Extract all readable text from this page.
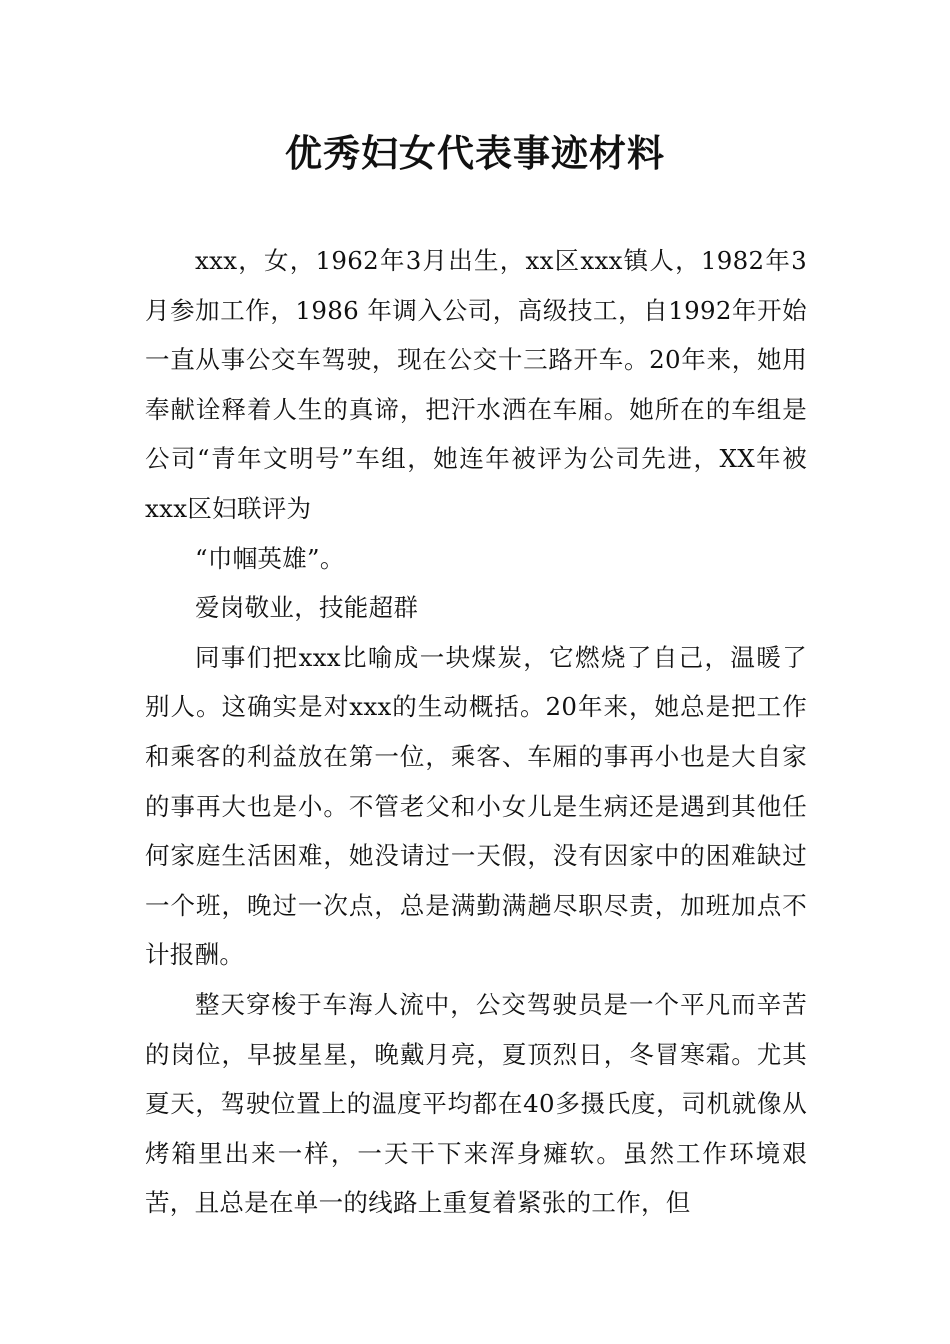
优秀妇女代表事迹材料

xxx，女，1962年3月出生，xx区xxx镇人，1982年3月参加工作，1986 年调入公司，高级技工，自1992年开始一直从事公交车驾驶，现在公交十三路开车。20年来，她用奉献诠释着人生的真谛，把汗水洒在车厢。她所在的车组是公司“青年文明号”车组，她连年被评为公司先进，XX年被xxx区妇联评为

“巾帼英雄”。

爱岗敬业，技能超群

同事们把xxx比喻成一块煤炭，它燃烧了自己，温暖了别人。这确实是对xxx的生动概括。20年来，她总是把工作和乘客的利益放在第一位，乘客、车厢的事再小也是大自家的事再大也是小。不管老父和小女儿是生病还是遇到其他任何家庭生活困难，她没请过一天假，没有因家中的困难缺过一个班，晚过一次点，总是满勤满趟尽职尽责，加班加点不计报酬。

整天穿梭于车海人流中，公交驾驶员是一个平凡而辛苦的岗位，早披星星，晚戴月亮，夏顶烈日，冬冒寒霜。尤其夏天，驾驶位置上的温度平均都在40多摄氏度，司机就像从烤箱里出来一样，一天干下来浑身瘫软。虽然工作环境艰苦，且总是在单一的线路上重复着紧张的工作，但
